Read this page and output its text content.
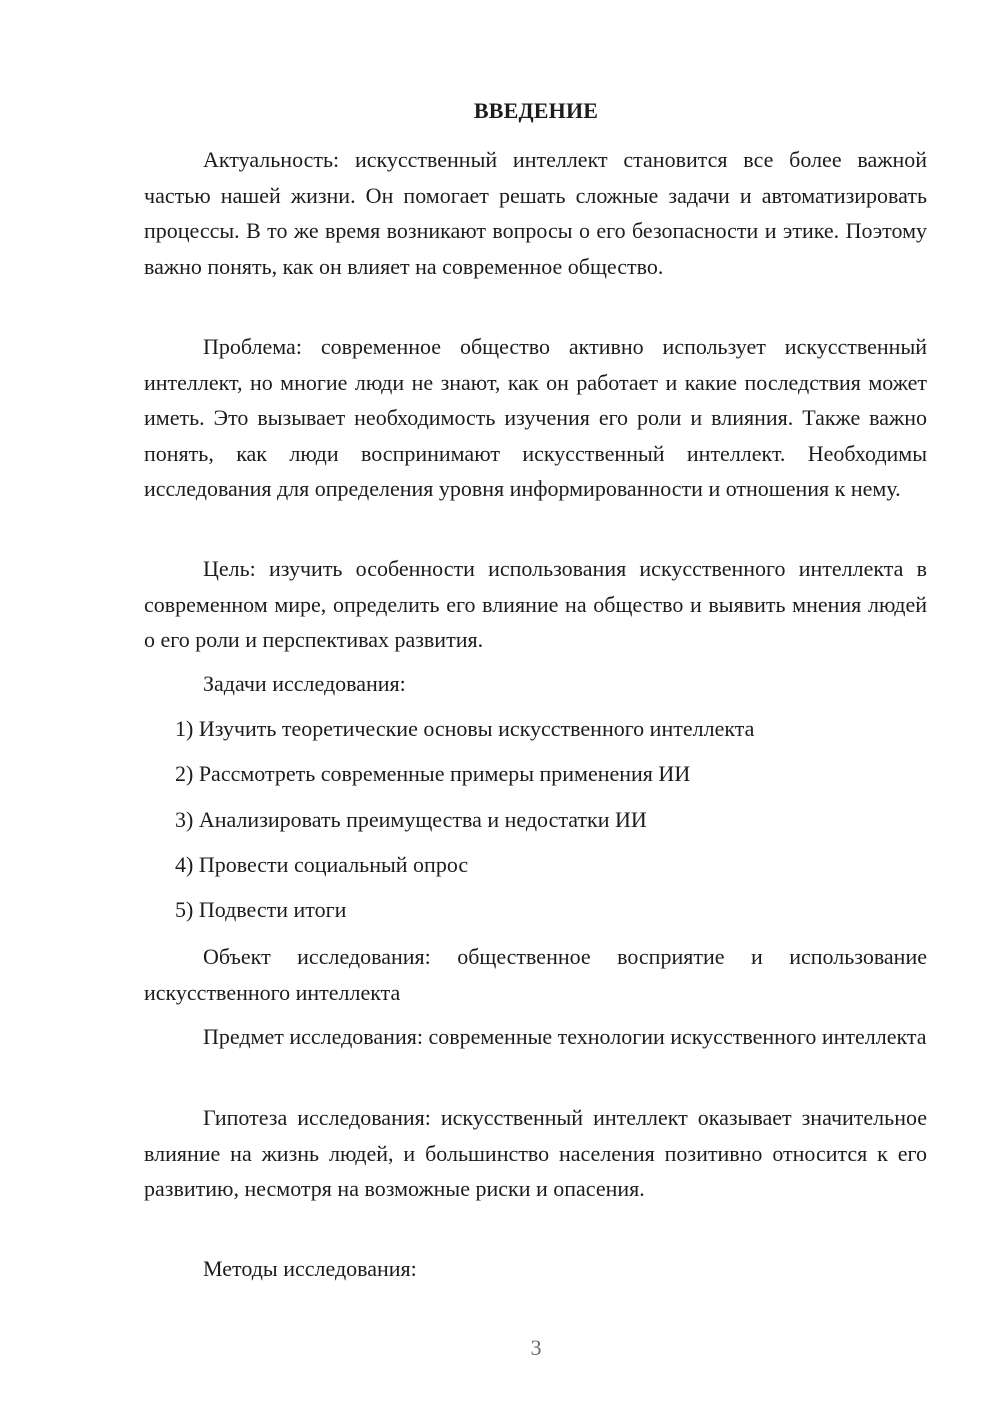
ВВЕДЕНИЕ

Актуальность: искусственный интеллект становится все более важной частью нашей жизни. Он помогает решать сложные задачи и автоматизировать процессы. В то же время возникают вопросы о его безопасности и этике. Поэтому важно понять, как он влияет на современное общество.

Проблема: современное общество активно использует искусственный интеллект, но многие люди не знают, как он работает и какие последствия может иметь. Это вызывает необходимость изучения его роли и влияния. Также важно понять, как люди воспринимают искусственный интеллект. Необходимы исследования для определения уровня информированности и отношения к нему.

Цель: изучить особенности использования искусственного интеллекта в современном мире, определить его влияние на общество и выявить мнения людей о его роли и перспективах развития.

Задачи исследования:
1) Изучить теоретические основы искусственного интеллекта
2) Рассмотреть современные примеры применения ИИ
3) Анализировать преимущества и недостатки ИИ
4) Провести социальный опрос
5) Подвести итоги

Объект исследования: общественное восприятие и использование искусственного интеллекта

Предмет исследования: современные технологии искусственного интеллекта

Гипотеза исследования: искусственный интеллект оказывает значительное влияние на жизнь людей, и большинство населения позитивно относится к его развитию, несмотря на возможные риски и опасения.

Методы исследования:
3
